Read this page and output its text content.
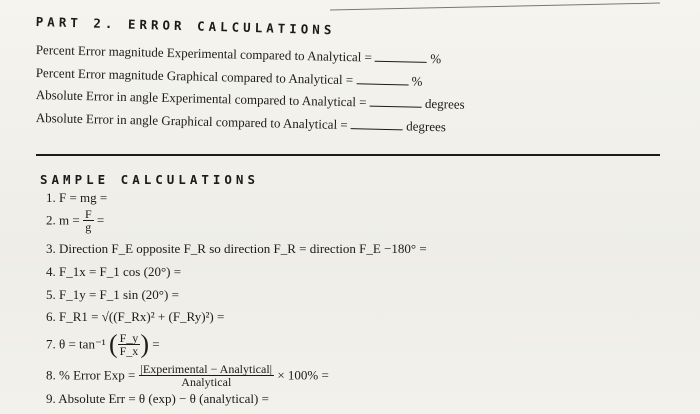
PART 2. ERROR CALCULATIONS
Percent Error magnitude Experimental compared to Analytical =	%
Percent Error magnitude Graphical compared to Analytical =	%
Absolute Error in angle Experimental compared to Analytical =	degrees
Absolute Error in angle Graphical compared to Analytical =	degrees
SAMPLE CALCULATIONS
1. F = mg =
2. $m = \frac{F}{g}$ =
3. Direction F_E opposite F_R so direction F_R = direction F_E −180° =
4. F_1x = F_1 cos (20°) =
5. F_1y = F_1 sin (20°) =
6. F_R1 = √((F_Rx)² + (F_Ry)²) =
7. θ = tan⁻¹ ( $\frac{F\_y}{F\_x}$ ) =
8. % Error Exp = $\frac{\text{|Experimental − Analytical|}}{\text{Analytical}} \times 100\%$ =
9. Absolute Err = θ (exp) − θ (analytical) =
